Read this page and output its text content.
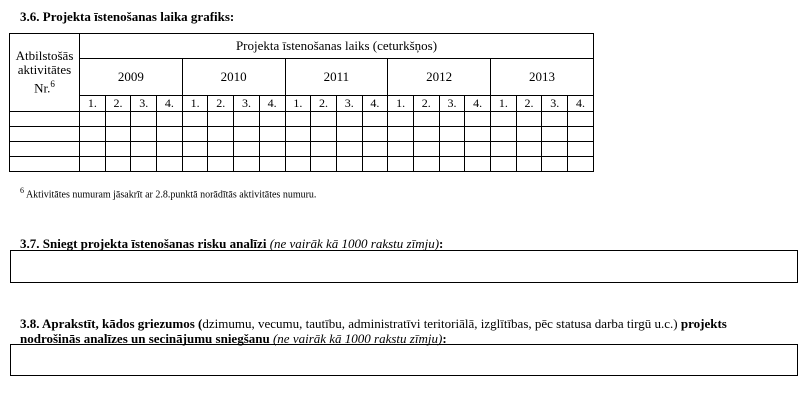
3.6. Projekta īstenošanas laika grafiks:
Atbilstošās aktivitātes Nr.$^6$	Projekta īstenošanas laiks (ceturkšņos)																			
	2009				2010				2011				2012				2013			
	1.	2.	3.	4.	1.	2.	3.	4.	1.	2.	3.	4.	1.	2.	3.	4.	1.	2.	3.	4.

$^6$ Aktivitātes numuram jāsakrīt ar 2.8.punktā norādītās aktivitātes numuru.
3.7. Sniegt projekta īstenošanas risku analīzi (ne vairāk kā 1000 rakstu zīmju):
3.8. Aprakstīt, kādos griezumos (dzimumu, vecumu, tautību, administratīvi teritoriālā, izglītības, pēc statusa darba tirgū u.c.) projekts nodrošinās analīzes un secinājumu sniegšanu (ne vairāk kā 1000 rakstu zīmju):
